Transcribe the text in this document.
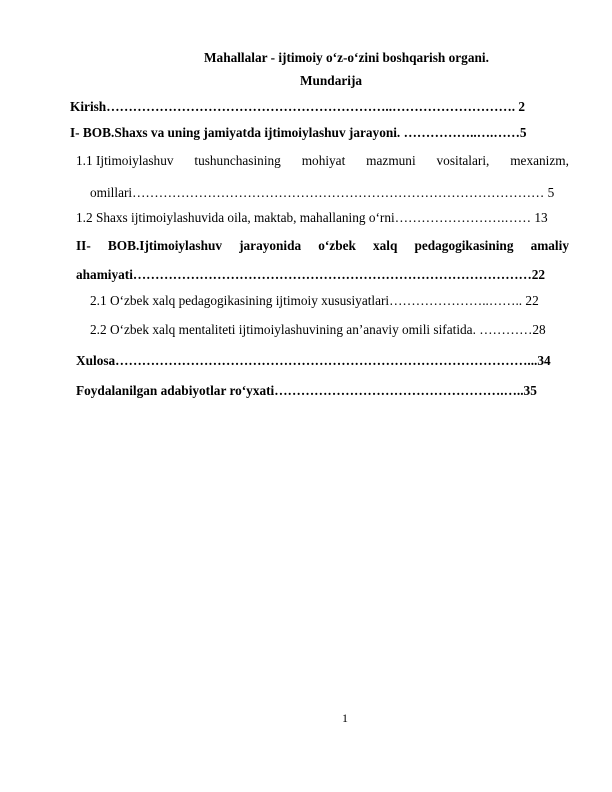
Mahallalar - ijtimoiy o‘z-o‘zini boshqarish organi.
Mundarija
Kirish………………………………………………………..………………………. 2
I- BOB.Shaxs va uning jamiyatda ijtimoiylashuv jarayoni. ……………..….……5
1.1 Ijtimoiylashuv tushunchasining mohiyat mazmuni vositalari, mexanizm,
omillari………………………………………………………………………………… 5
1.2 Shaxs ijtimoiylashuvida oila, maktab, mahallaning o‘rni…………………….…… 13
II- BOB.Ijtimoiylashuv jarayonida o‘zbek xalq pedagogikasining amaliy
ahamiyati………………………………………………………………………………22
2.1 O‘zbek xalq pedagogikasining ijtimoiy xususiyatlari…………………..…….. 22
2.2 O‘zbek xalq mentaliteti ijtimoiylashuvining an’anaviy omili sifatida. …………28
Xulosa…………………………………………………………………………………...34
Foydalanilgan adabiyotlar ro‘yxati…………………………………………….…..35
1
